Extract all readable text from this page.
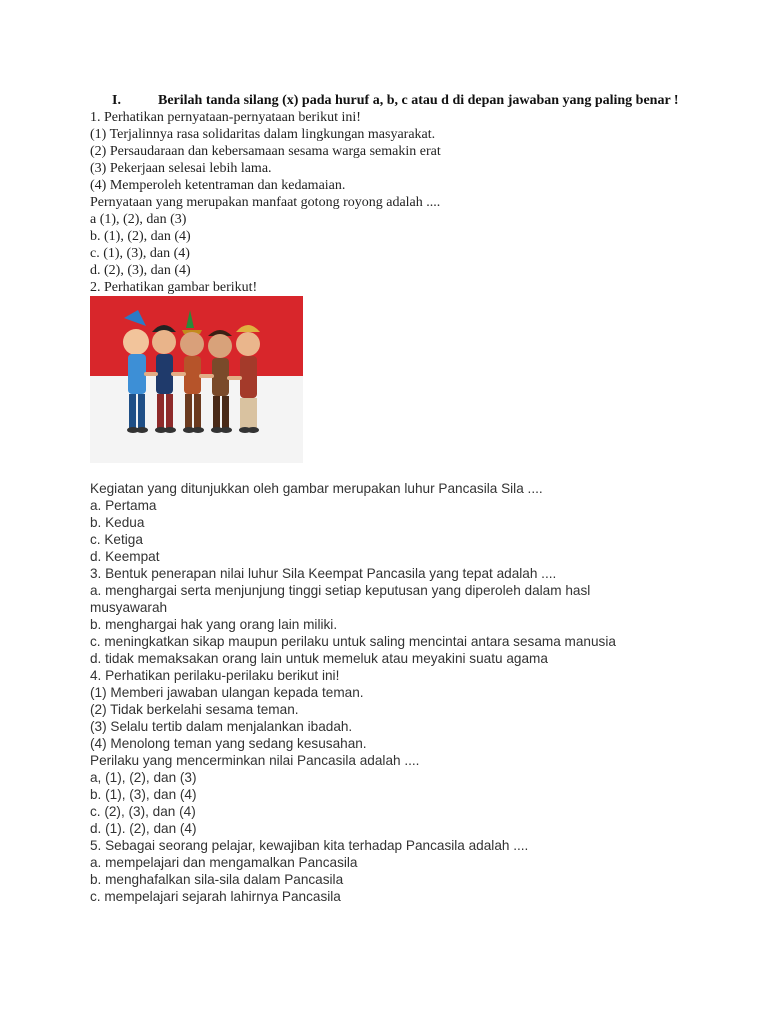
I.	Berilah tanda silang (x) pada huruf a, b, c atau d di depan jawaban yang paling benar !

1. Perhatikan pernyataan-pernyataan berikut ini!

(1) Terjalinnya rasa solidaritas dalam lingkungan masyarakat.

(2) Persaudaraan dan kebersamaan sesama warga semakin erat

(3) Pekerjaan selesai lebih lama.

(4) Memperoleh ketentraman dan kedamaian.

Pernyataan yang merupakan manfaat gotong royong adalah ....

a (1), (2), dan (3)

b. (1), (2), dan (4)

c. (1), (3), dan (4)

d. (2), (3), dan (4)

2. Perhatikan gambar berikut!

Kegiatan yang ditunjukkan oleh gambar merupakan luhur Pancasila Sila ....

a. Pertama

b. Kedua

c. Ketiga

d. Keempat

3. Bentuk penerapan nilai luhur Sila Keempat Pancasila yang tepat adalah ....

a. menghargai serta menjunjung tinggi setiap keputusan yang diperoleh dalam hasl musyawarah

b. menghargai hak yang orang lain miliki.

c. meningkatkan sikap maupun perilaku untuk saling mencintai antara sesama manusia

d. tidak memaksakan orang lain untuk memeluk atau meyakini suatu agama

4. Perhatikan perilaku-perilaku berikut ini!

(1) Memberi jawaban ulangan kepada teman.

(2) Tidak berkelahi sesama teman.

(3) Selalu tertib dalam menjalankan ibadah.

(4) Menolong teman yang sedang kesusahan.

Perilaku yang mencerminkan nilai Pancasila adalah ....

a, (1), (2), dan (3)

b. (1), (3), dan (4)

c. (2), (3), dan (4)

d. (1). (2), dan (4)

5. Sebagai seorang pelajar, kewajiban kita terhadap Pancasila adalah ....

a. mempelajari dan mengamalkan Pancasila

b. menghafalkan sila-sila dalam Pancasila

c. mempelajari sejarah lahirnya Pancasila
